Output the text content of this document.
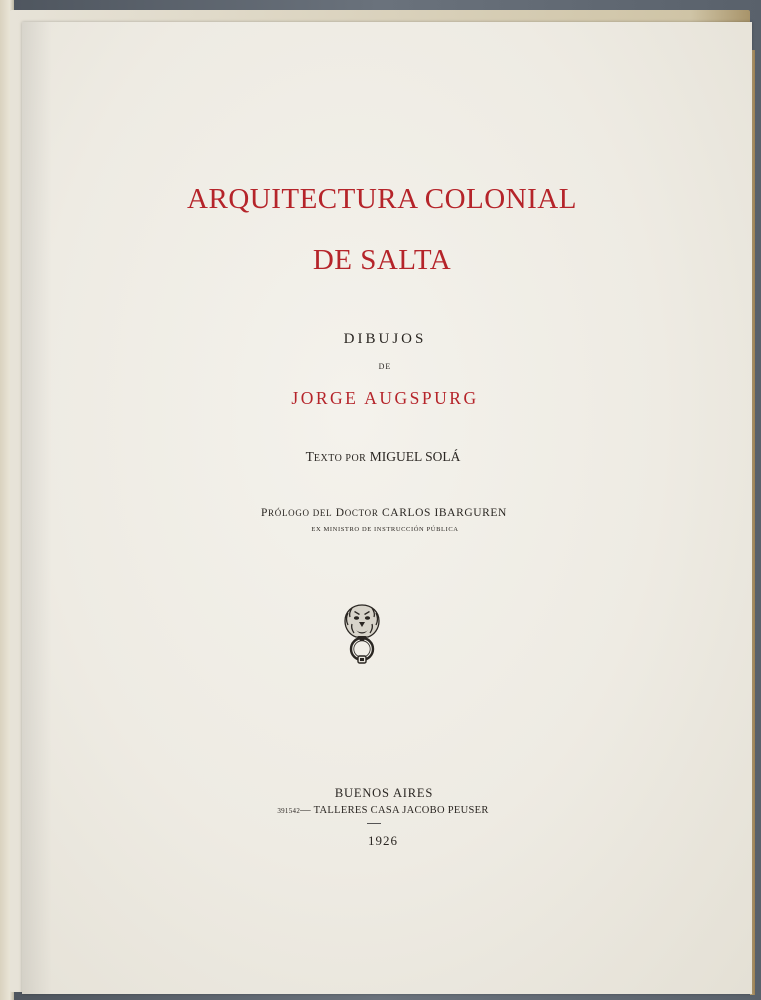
ARQUITECTURA COLONIAL
DE SALTA
DIBUJOS
DE
JORGE AUGSPURG
TEXTO POR MIGUEL SOLÁ
PRÓLOGO DEL DOCTOR CARLOS IBARGUREN
EX MINISTRO DE INSTRUCCIÓN PÚBLICA
BUENOS AIRES
391542— TALLERES CASA JACOBO PEUSER
1926
